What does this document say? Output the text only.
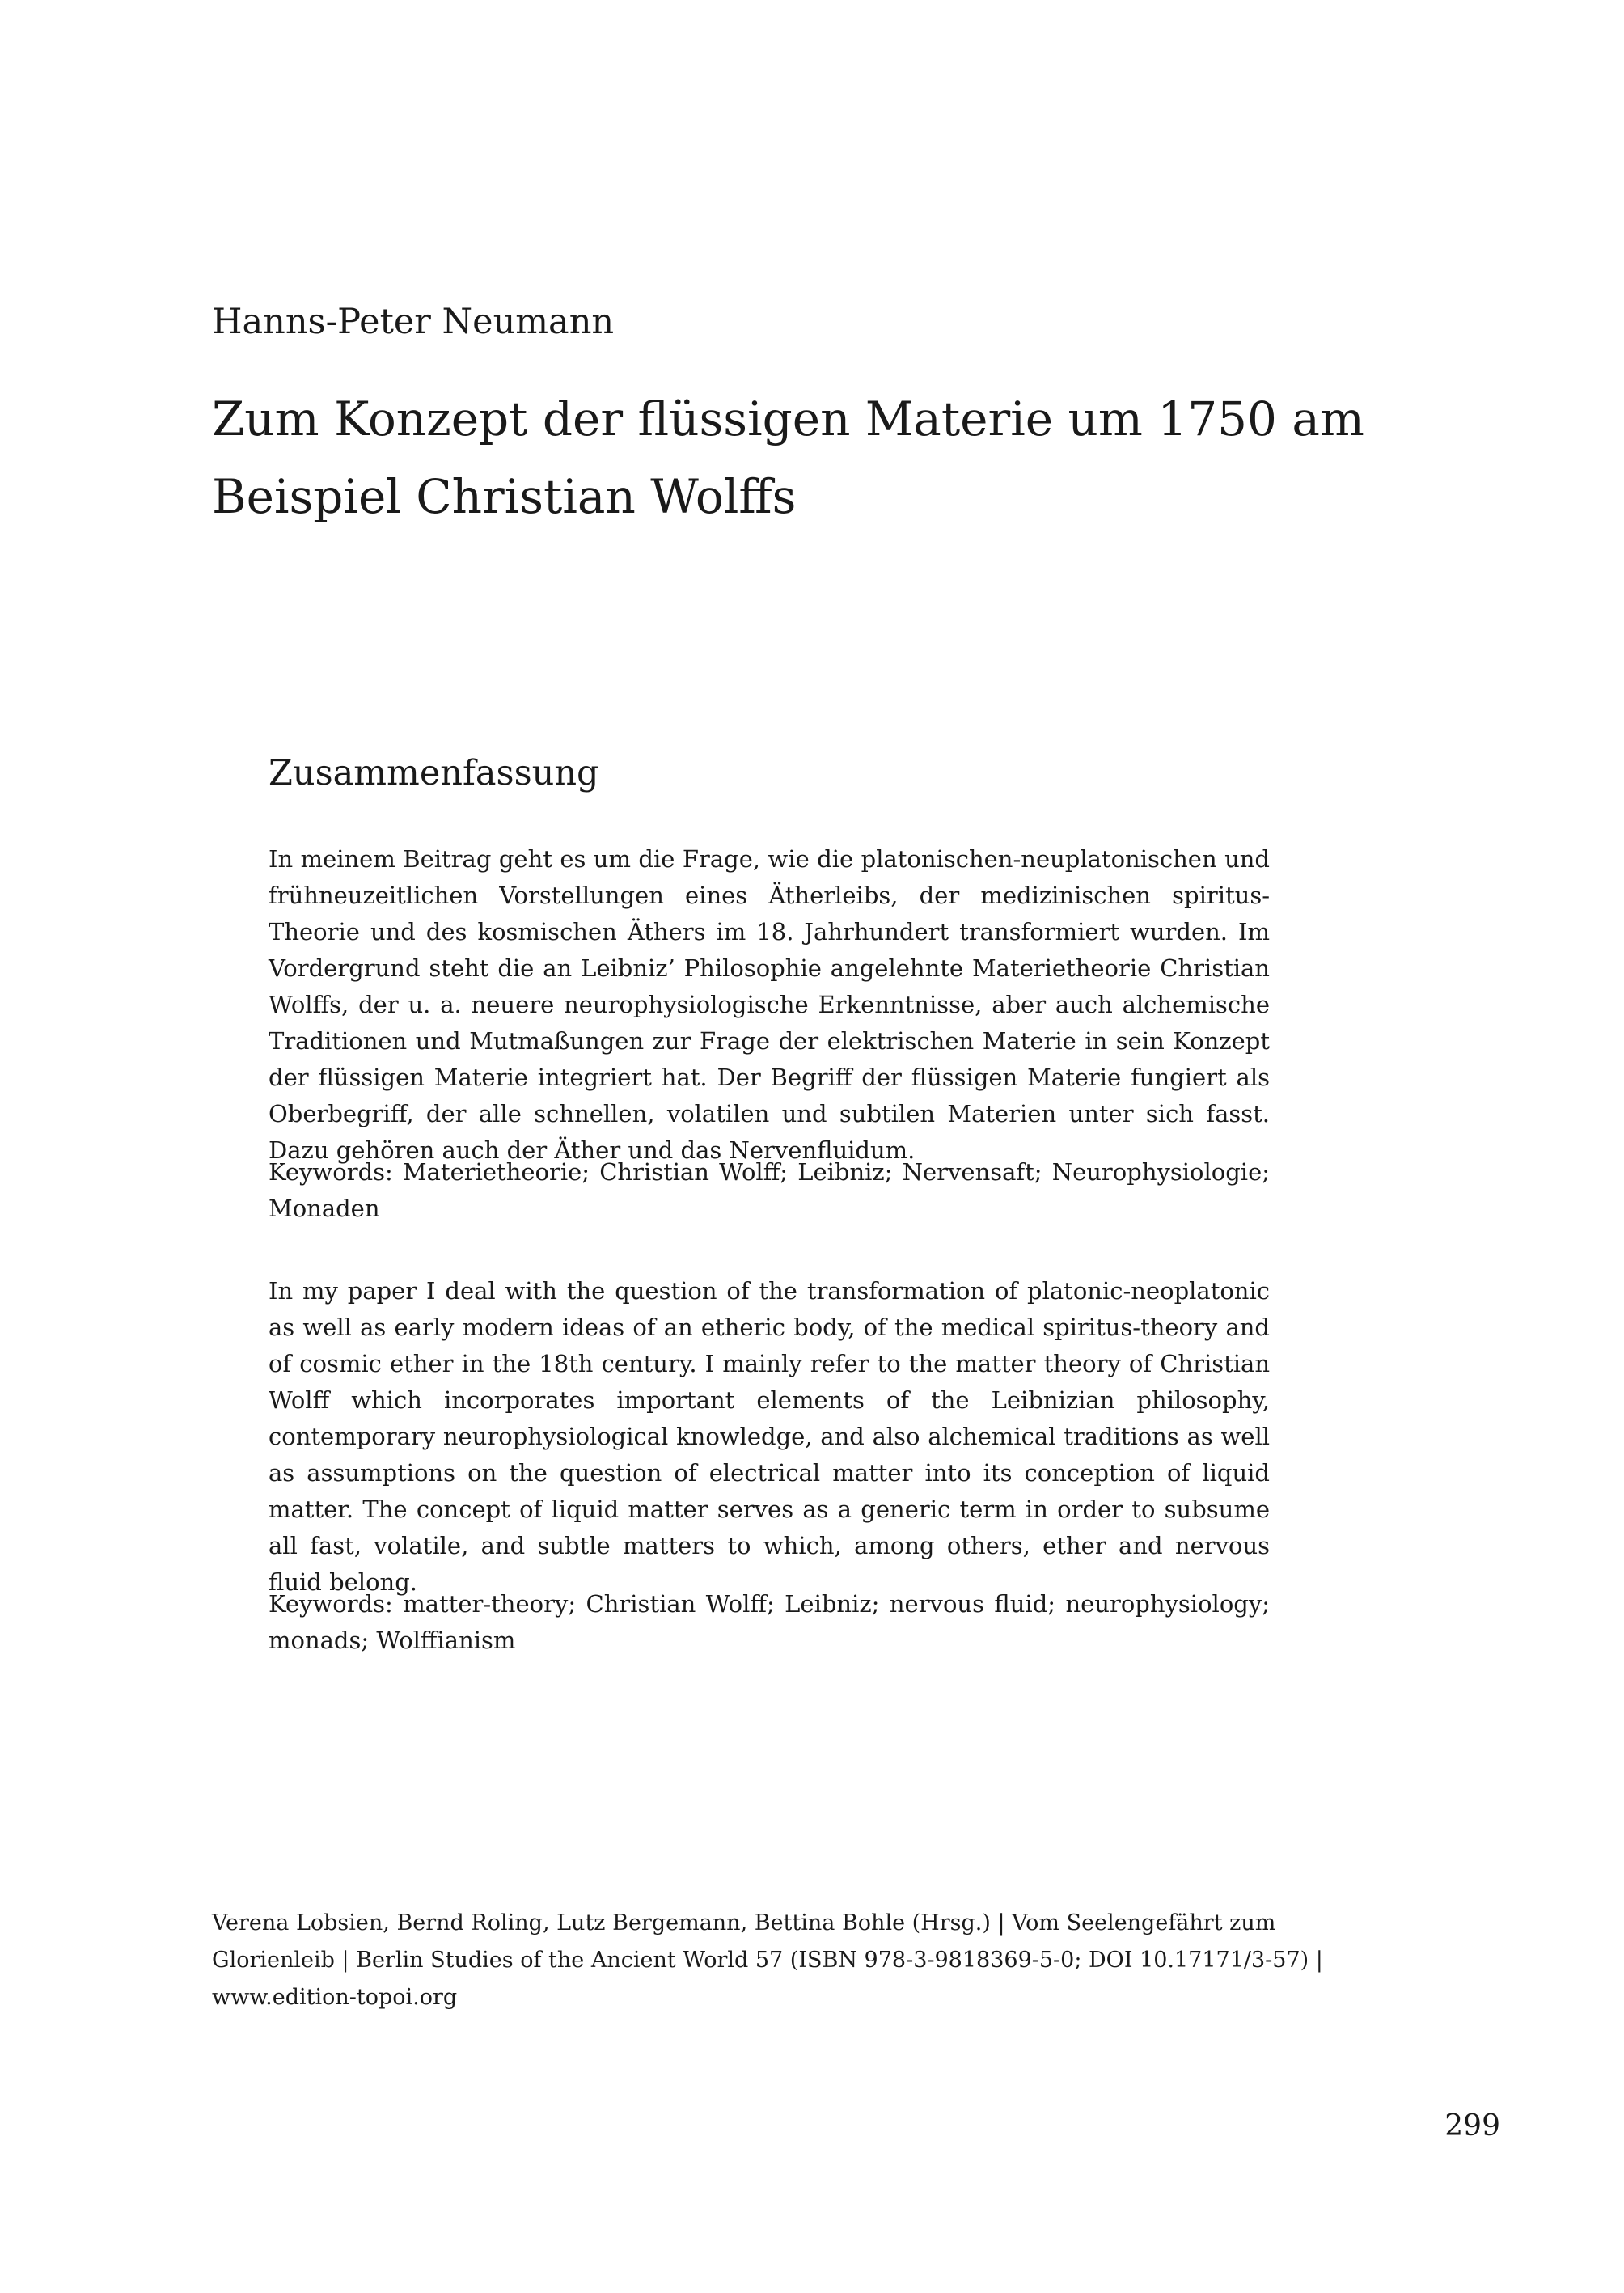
Hanns-Peter Neumann
Zum Konzept der flüssigen Materie um 1750 am
Beispiel Christian Wolffs
Zusammenfassung

In meinem Beitrag geht es um die Frage, wie die platonischen-neuplatonischen und frühneuzeitlichen Vorstellungen eines Ätherleibs, der medizinischen spiritus-Theorie und des kosmischen Äthers im 18. Jahrhundert transformiert wurden. Im Vordergrund steht die an Leibniz’ Philosophie angelehnte Materietheorie Christian Wolffs, der u. a. neuere neurophysiologische Erkenntnisse, aber auch alchemische Traditionen und Mutmaßungen zur Frage der elektrischen Materie in sein Konzept der flüssigen Materie integriert hat. Der Begriff der flüssigen Materie fungiert als Oberbegriff, der alle schnellen, volatilen und subtilen Materien unter sich fasst. Dazu gehören auch der Äther und das Nervenfluidum.

Keywords: Materietheorie; Christian Wolff; Leibniz; Nervensaft; Neurophysiologie; Monaden

In my paper I deal with the question of the transformation of platonic-neoplatonic as well as early modern ideas of an etheric body, of the medical spiritus-theory and of cosmic ether in the 18th century. I mainly refer to the matter theory of Christian Wolff which incorporates important elements of the Leibnizian philosophy, contemporary neurophysiological knowledge, and also alchemical traditions as well as assumptions on the question of electrical matter into its conception of liquid matter. The concept of liquid matter serves as a generic term in order to subsume all fast, volatile, and subtle matters to which, among others, ether and nervous fluid belong.

Keywords: matter-theory; Christian Wolff; Leibniz; nervous fluid; neurophysiology; monads; Wolffianism

Verena Lobsien, Bernd Roling, Lutz Bergemann, Bettina Bohle (Hrsg.) | Vom Seelengefährt zum
Glorienleib | Berlin Studies of the Ancient World 57 (ISBN 978-3-9818369-5-0; DOI 10.17171/3-57) |
www.edition-topoi.org
299
